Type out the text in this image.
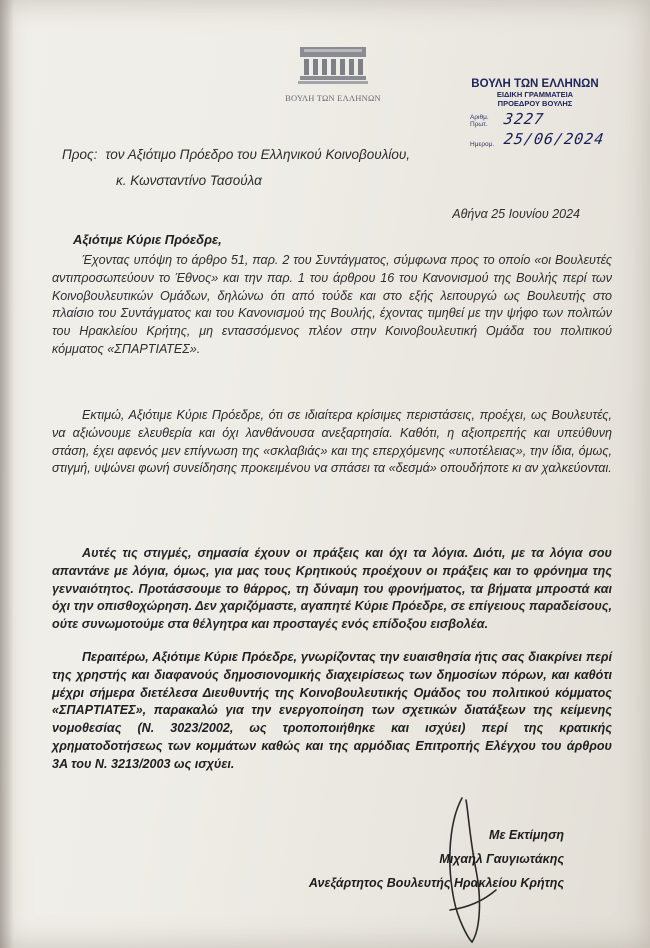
ΒΟΥΛΗ ΤΩΝ ΕΛΛΗΝΩΝ
ΒΟΥΛΗ ΤΩΝ ΕΛΛΗΝΩΝ
ΕΙΔΙΚΗ ΓΡΑΜΜΑΤΕΙΑ
ΠΡΟΕΔΡΟΥ ΒΟΥΛΗΣ
Αριθμ. Πρωτ. 3227
Ημερομ. 25/06/2024
Προς: τον Αξιότιμο Πρόεδρο του Ελληνικού Κοινοβουλίου,
κ. Κωνσταντίνο Τασούλα
Αθήνα 25 Ιουνίου 2024
Αξιότιμε Κύριε Πρόεδρε,

Έχοντας υπόψη το άρθρο 51, παρ. 2 του Συντάγματος, σύμφωνα προς το οποίο «οι Βουλευτές αντιπροσωπεύουν το Έθνος» και την παρ. 1 του άρθρου 16 του Κανονισμού της Βουλής περί των Κοινοβουλευτικών Ομάδων, δηλώνω ότι από τούδε και στο εξής λειτουργώ ως Βουλευτής στο πλαίσιο του Συντάγματος και του Κανονισμού της Βουλής, έχοντας τιμηθεί με την ψήφο των πολιτών του Ηρακλείου Κρήτης, μη εντασσόμενος πλέον στην Κοινοβουλευτική Ομάδα του πολιτικού κόμματος «ΣΠΑΡΤΙΑΤΕΣ».

Εκτιμώ, Αξιότιμε Κύριε Πρόεδρε, ότι σε ιδιαίτερα κρίσιμες περιστάσεις, προέχει, ως Βουλευτές, να αξιώνουμε ελευθερία και όχι λανθάνουσα ανεξαρτησία. Καθότι, η αξιοπρεπής και υπεύθυνη στάση, έχει αφενός μεν επίγνωση της «σκλαβιάς» και της επερχόμενης «υποτέλειας», την ίδια, όμως, στιγμή, υψώνει φωνή συνείδησης προκειμένου να σπάσει τα «δεσμά» οπουδήποτε κι αν χαλκεύονται.

Αυτές τις στιγμές, σημασία έχουν οι πράξεις και όχι τα λόγια. Διότι, με τα λόγια σου απαντάνε με λόγια, όμως, για μας τους Κρητικούς προέχουν οι πράξεις και το φρόνημα της γενναιότητος. Προτάσσουμε το θάρρος, τη δύναμη του φρονήματος, τα βήματα μπροστά και όχι την οπισθοχώρηση. Δεν χαριζόμαστε, αγαπητέ Κύριε Πρόεδρε, σε επίγειους παραδείσους, ούτε συνωμοτούμε στα θέλγητρα και προσταγές ενός επίδοξου εισβολέα.

Περαιτέρω, Αξιότιμε Κύριε Πρόεδρε, γνωρίζοντας την ευαισθησία ήτις σας διακρίνει περί της χρηστής και διαφανούς δημοσιονομικής διαχειρίσεως των δημοσίων πόρων, και καθότι μέχρι σήμερα διετέλεσα Διευθυντής της Κοινοβουλευτικής Ομάδος του πολιτικού κόμματος «ΣΠΑΡΤΙΑΤΕΣ», παρακαλώ για την ενεργοποίηση των σχετικών διατάξεων της κείμενης νομοθεσίας (Ν. 3023/2002, ως τροποποιήθηκε και ισχύει) περί της κρατικής χρηματοδοτήσεως των κομμάτων καθώς και της αρμόδιας Επιτροπής Ελέγχου του άρθρου 3Α του Ν. 3213/2003 ως ισχύει.

Με Εκτίμηση
Μιχαήλ Γαυγιωτάκης
Ανεξάρτητος Βουλευτής Ηρακλείου Κρήτης
